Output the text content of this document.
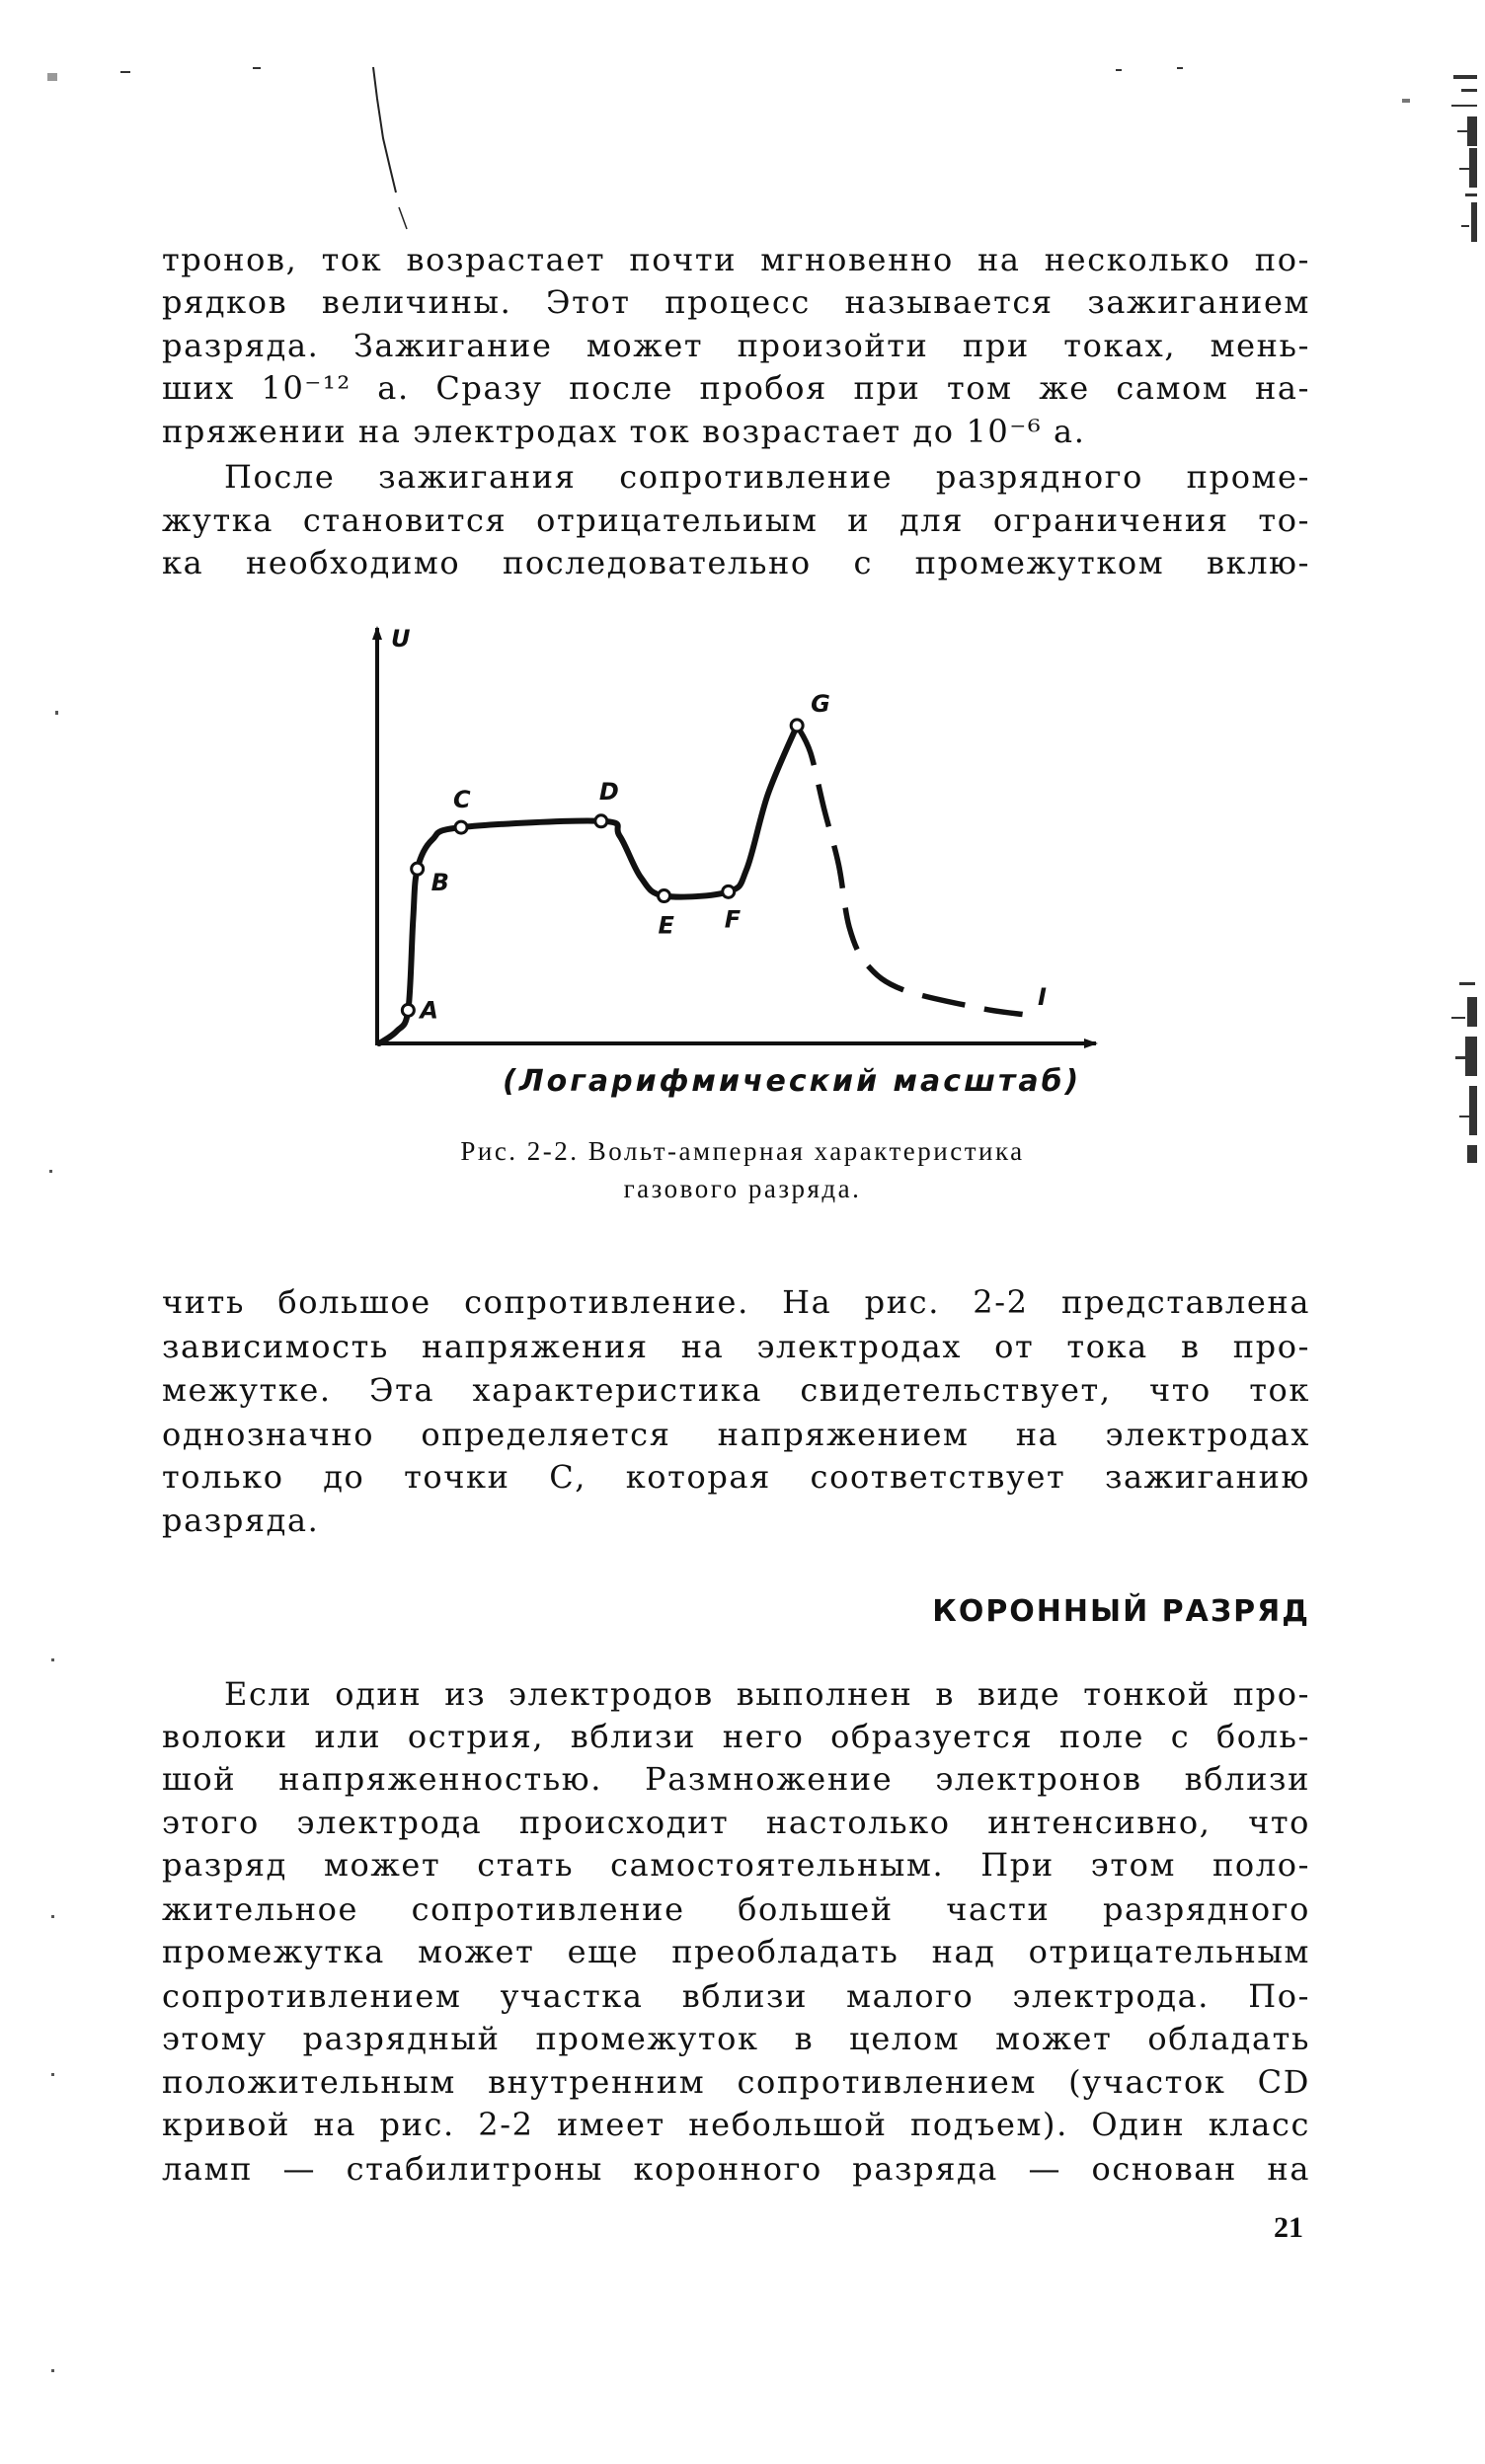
тронов, ток возрастает почти мгновенно на несколько по-
рядков величины. Этот процесс называется зажиганием
разряда. Зажигание может произойти при токах, мень-
ших 10⁻¹² а. Сразу после пробоя при том же самом на-
пряжении на электродах ток возрастает до 10⁻⁶ а.
После зажигания сопротивление разрядного проме-
жутка становится отрицательиым и для ограничения то-
ка необходимо последовательно с промежутком вклю-
U
A
B
C	D
E F
G
I
(Логарифмический масштаб)
Рис. 2-2. Вольт-амперная характеристика
газового разряда.
чить большое сопротивление. На рис. 2-2 представлена
зависимость напряжения на электродах от тока в про-
межутке. Эта характеристика свидетельствует, что ток
однозначно определяется напряжением на электродах
только до точки С, которая соответствует зажиганию
разряда.
КОРОННЫЙ РАЗРЯД
Если один из электродов выполнен в виде тонкой про-
волоки или острия, вблизи него образуется поле с боль-
шой напряженностью. Размножение электронов вблизи
этого электрода происходит настолько интенсивно, что
разряд может стать самостоятельным. При этом поло-
жительное сопротивление большей части разрядного
промежутка может еще преобладать над отрицательным
сопротивлением участка вблизи малого электрода. По-
этому разрядный промежуток в целом может обладать
положительным внутренним сопротивлением (участок CD
кривой на рис. 2-2 имеет небольшой подъем). Один класс
ламп — стабилитроны коронного разряда — основан на
21
